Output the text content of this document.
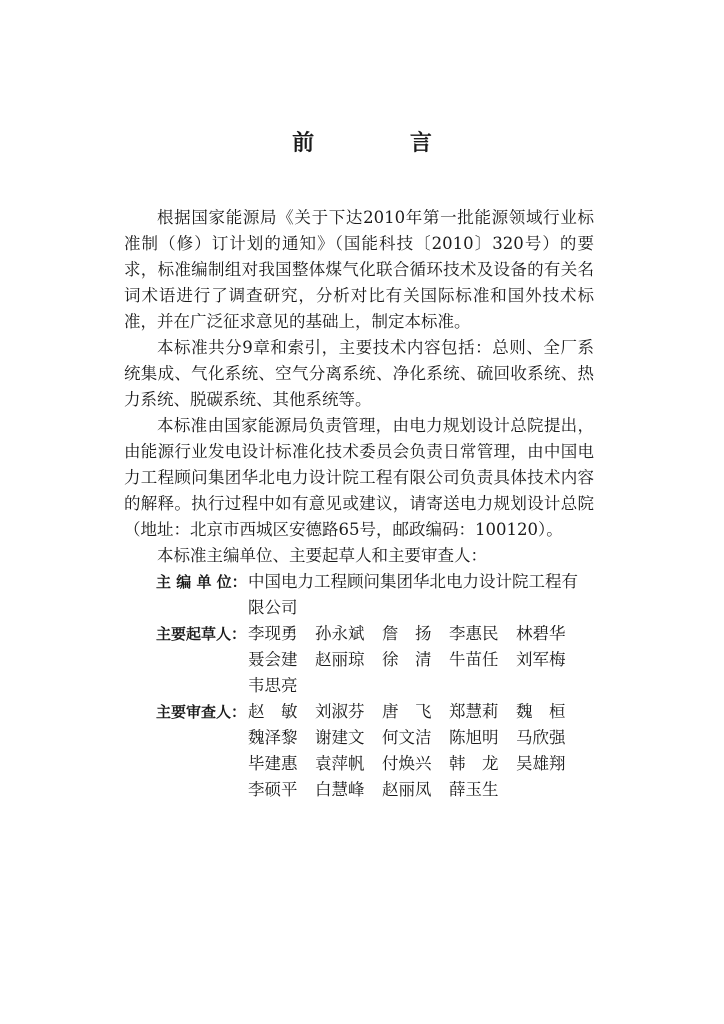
前 言

根据国家能源局《关于下达2010年第一批能源领域行业标准制（修）订计划的通知》（国能科技〔2010〕320号）的要求，标准编制组对我国整体煤气化联合循环技术及设备的有关名词术语进行了调查研究，分析对比有关国际标准和国外技术标准，并在广泛征求意见的基础上，制定本标准。

本标准共分9章和索引，主要技术内容包括：总则、全厂系统集成、气化系统、空气分离系统、净化系统、硫回收系统、热力系统、脱碳系统、其他系统等。

本标准由国家能源局负责管理，由电力规划设计总院提出，由能源行业发电设计标准化技术委员会负责日常管理，由中国电力工程顾问集团华北电力设计院工程有限公司负责具体技术内容的解释。执行过程中如有意见或建议，请寄送电力规划设计总院（地址：北京市西城区安德路65号，邮政编码：100120）。

本标准主编单位、主要起草人和主要审查人：

主 编 单 位： 中国电力工程顾问集团华北电力设计院工程有限公司
主要起草人： 李现勇	孙永斌	詹　扬	李惠民	林碧华
聂会建	赵丽琼	徐　清	牛苗任	刘军梅
韦思亮
主要审查人： 赵　敏	刘淑芬	唐　飞	郑慧莉	魏　桓
魏泽黎	谢建文	何文洁	陈旭明	马欣强
毕建惠	袁萍帆	付焕兴	韩　龙	吴雄翔
李硕平	白慧峰	赵丽凤	薛玉生
